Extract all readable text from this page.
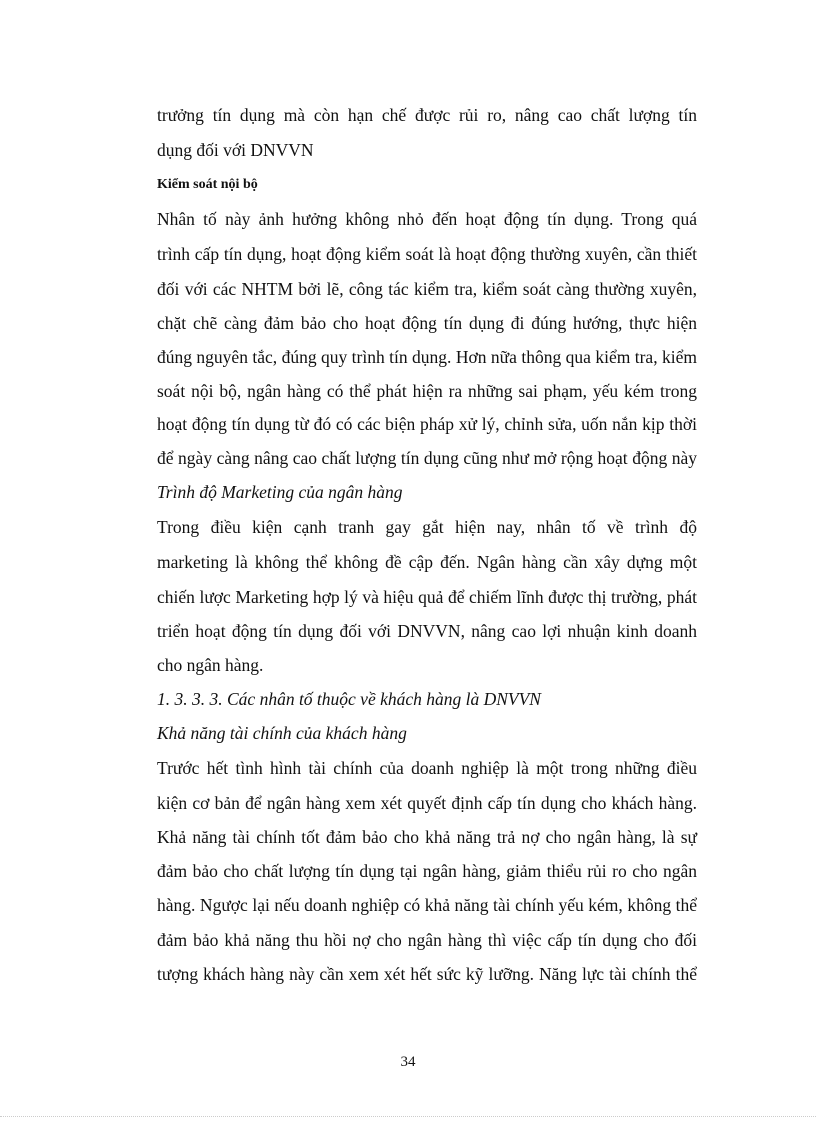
trưởng tín dụng mà còn hạn chế được rủi ro, nâng cao chất lượng tín
dụng đối với DNVVN
Kiểm soát nội bộ
Nhân tố này ảnh hưởng không nhỏ đến hoạt động tín dụng. Trong quá
trình cấp tín dụng, hoạt động kiểm soát là hoạt động thường xuyên, cần thiết
đối với các NHTM bởi lẽ, công tác kiểm tra, kiểm soát càng thường xuyên,
chặt chẽ càng đảm bảo cho hoạt động tín dụng đi đúng hướng, thực hiện
đúng nguyên tắc, đúng quy trình tín dụng. Hơn nữa thông qua kiểm tra, kiểm
soát nội bộ, ngân hàng có thể phát hiện ra những sai phạm, yếu kém trong
hoạt động tín dụng từ đó có các biện pháp xử lý, chỉnh sửa, uốn nắn kịp thời
để ngày càng nâng cao chất lượng tín dụng cũng như mở rộng hoạt động này
Trình độ Marketing của ngân hàng
Trong điều kiện cạnh tranh gay gắt hiện nay, nhân tố về trình độ
marketing là không thể không đề cập đến. Ngân hàng cần xây dựng một
chiến lược Marketing hợp lý và hiệu quả để chiếm lĩnh được thị trường, phát
triển hoạt động tín dụng đối với DNVVN, nâng cao lợi nhuận kinh doanh
cho ngân hàng.
1. 3. 3. 3. Các nhân tố thuộc về khách hàng là DNVVN
Khả năng tài chính của khách hàng
Trước hết tình hình tài chính của doanh nghiệp là một trong những điều
kiện cơ bản để ngân hàng xem xét quyết định cấp tín dụng cho khách hàng.
Khả năng tài chính tốt đảm bảo cho khả năng trả nợ cho ngân hàng, là sự
đảm bảo cho chất lượng tín dụng tại ngân hàng, giảm thiểu rủi ro cho ngân
hàng. Ngược lại nếu doanh nghiệp có khả năng tài chính yếu kém, không thể
đảm bảo khả năng thu hồi nợ cho ngân hàng thì việc cấp tín dụng cho đối
tượng khách hàng này cần xem xét hết sức kỹ lưỡng. Năng lực tài chính thể
34
